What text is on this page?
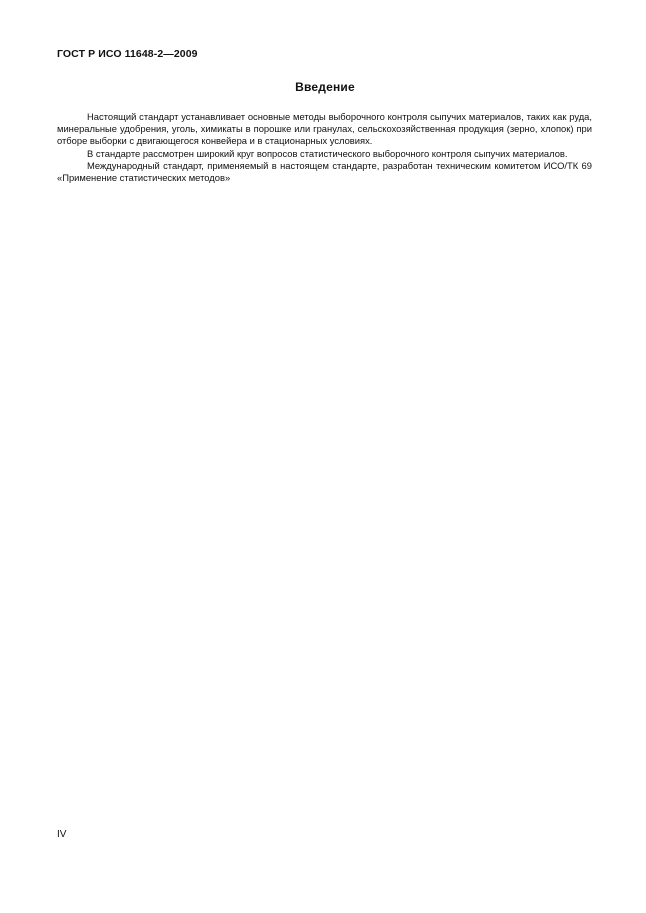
ГОСТ Р ИСО 11648-2—2009
Введение

Настоящий стандарт устанавливает основные методы выборочного контроля сыпучих материалов, таких как руда, минеральные удобрения, уголь, химикаты в порошке или гранулах, сельскохозяйственная продукция (зерно, хлопок) при отборе выборки с двигающегося конвейера и в стационарных условиях.

В стандарте рассмотрен широкий круг вопросов статистического выборочного контроля сыпучих материалов.

Международный стандарт, применяемый в настоящем стандарте, разработан техническим комитетом ИСО/ТК 69 «Применение статистических методов»

IV
